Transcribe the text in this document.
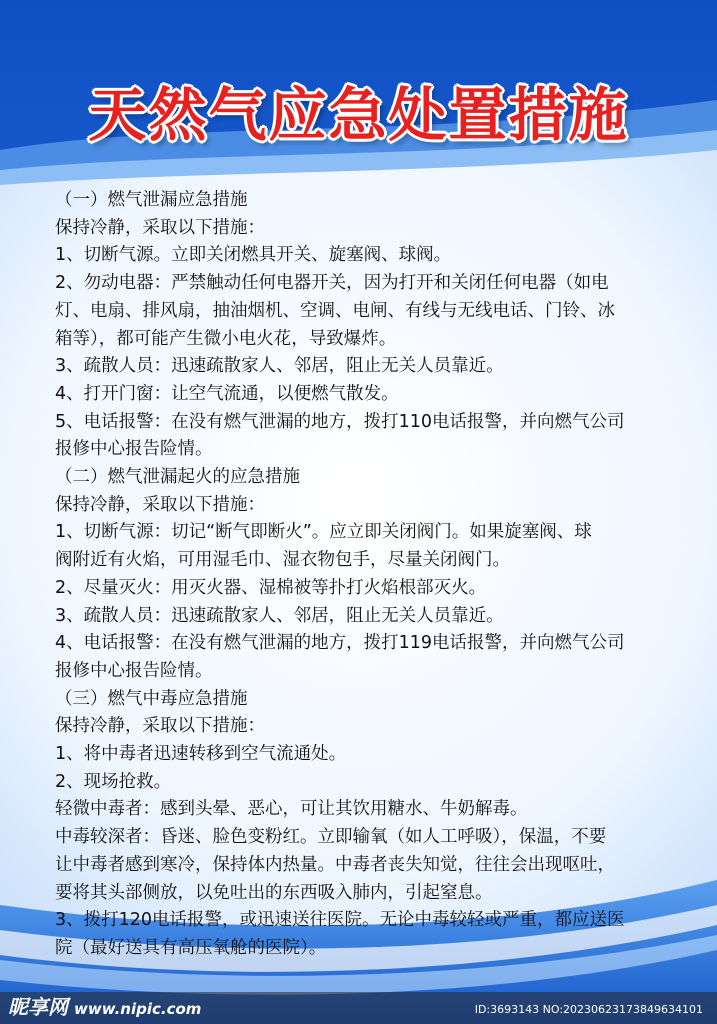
天然气应急处置措施
（一）燃气泄漏应急措施
保持冷静，采取以下措施：
1、切断气源。立即关闭燃具开关、旋塞阀、球阀。
2、勿动电器：严禁触动任何电器开关，因为打开和关闭任何电器（如电
灯、电扇、排风扇，抽油烟机、空调、电闸、有线与无线电话、门铃、冰
箱等），都可能产生微小电火花，导致爆炸。
3、疏散人员：迅速疏散家人、邻居，阻止无关人员靠近。
4、打开门窗：让空气流通，以便燃气散发。
5、电话报警：在没有燃气泄漏的地方，拨打110电话报警，并向燃气公司
报修中心报告险情。
（二）燃气泄漏起火的应急措施
保持冷静，采取以下措施：
1、切断气源：切记“断气即断火”。应立即关闭阀门。如果旋塞阀、球
阀附近有火焰，可用湿毛巾、湿衣物包手，尽量关闭阀门。
2、尽量灭火：用灭火器、湿棉被等扑打火焰根部灭火。
3、疏散人员：迅速疏散家人、邻居，阻止无关人员靠近。
4、电话报警：在没有燃气泄漏的地方，拨打119电话报警，并向燃气公司
报修中心报告险情。
（三）燃气中毒应急措施
保持冷静，采取以下措施：
1、将中毒者迅速转移到空气流通处。
2、现场抢救。
轻微中毒者：感到头晕、恶心，可让其饮用糖水、牛奶解毒。
中毒较深者：昏迷、脸色变粉红。立即输氧（如人工呼吸），保温，不要
让中毒者感到寒冷，保持体内热量。中毒者丧失知觉，往往会出现呕吐，
要将其头部侧放，以免吐出的东西吸入肺内，引起窒息。
3、拨打120电话报警，或迅速送往医院。无论中毒较轻或严重，都应送医
院（最好送具有高压氧舱的医院）。
昵享网 www.nipic.com	ID:3693143 NO:20230623173849634101
